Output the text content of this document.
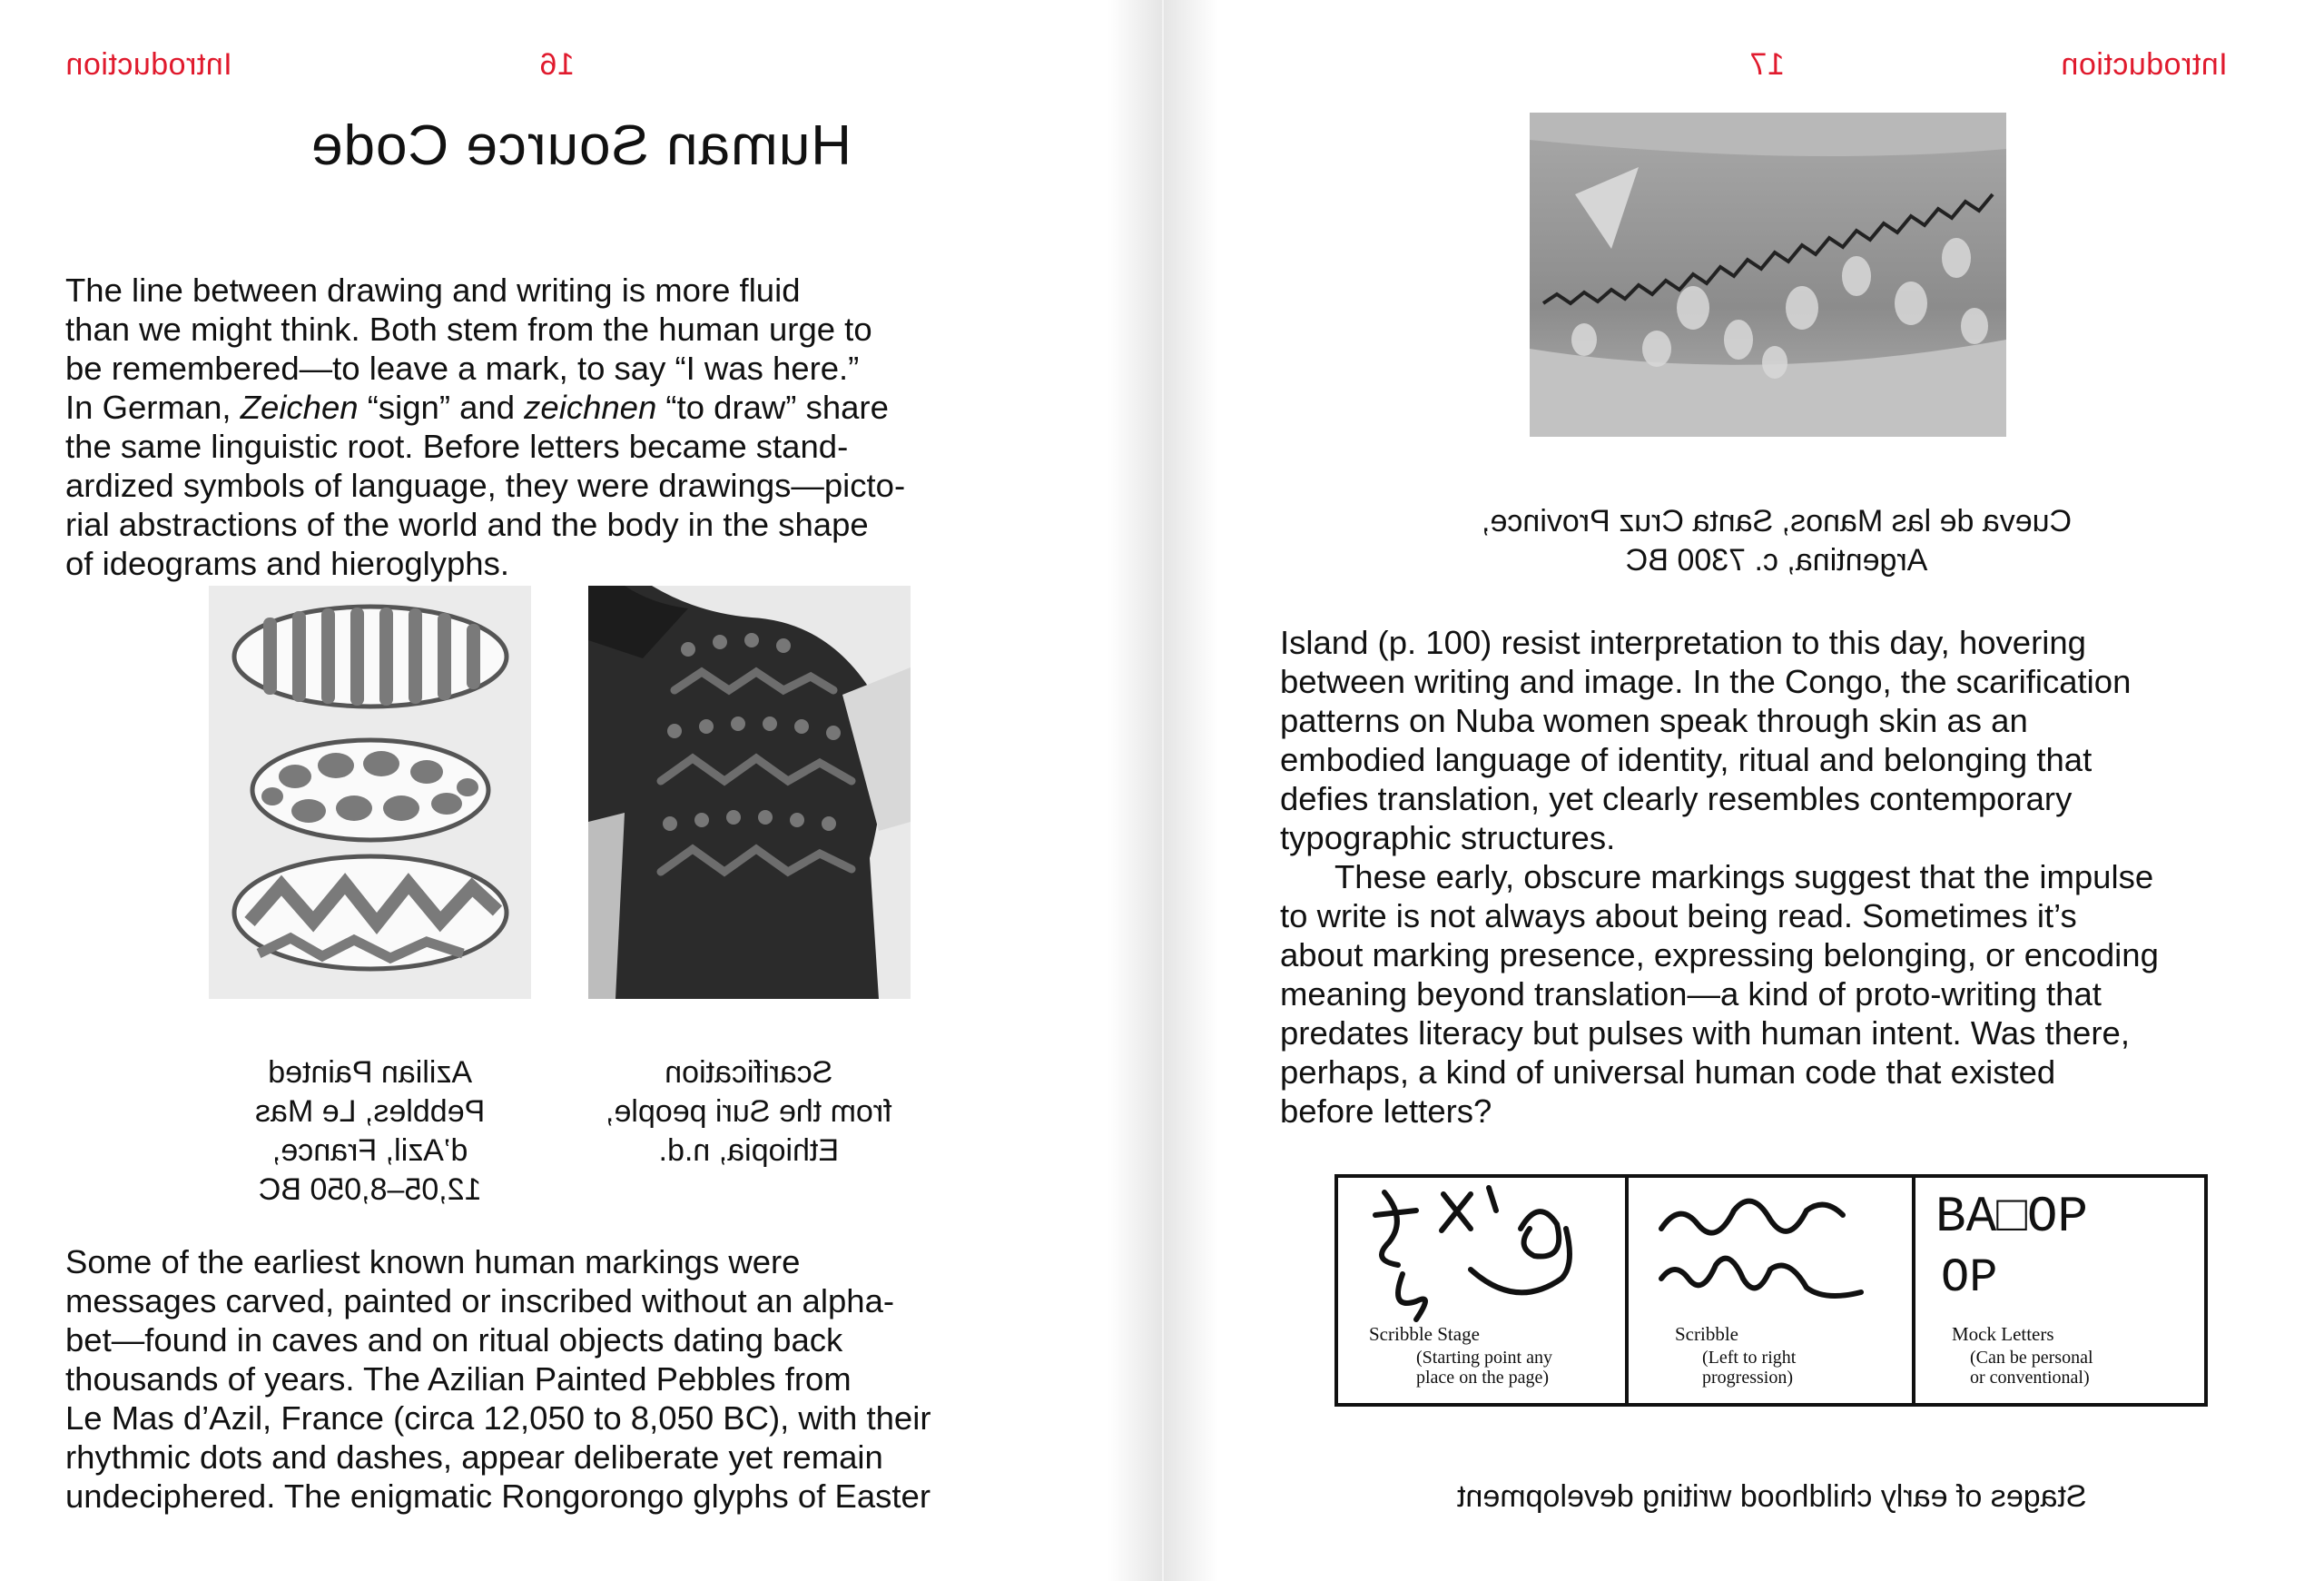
Introduction	16
Human Source Code

The line between drawing and writing is more fluid
than we might think. Both stem from the human urge to
be remembered—to leave a mark, to say “I was here.”
In German, Zeichen “sign” and zeichnen “to draw” share
the same linguistic root. Before letters became stand-
ardized symbols of language, they were drawings—picto-
rial abstractions of the world and the body in the shape
of ideograms and hieroglyphs.

Azilian Painted
Pebbles, Le Mas
d’Azil, France,
12,05–8,050 BC

Scarification
from the Suri people,
Ethiopia, n.d.

Some of the earliest known human markings were
messages carved, painted or inscribed without an alpha-
bet—found in caves and on ritual objects dating back
thousands of years. The Azilian Painted Pebbles from
Le Mas d’Azil, France (circa 12,050 to 8,050 BC), with their
rhythmic dots and dashes, appear deliberate yet remain
undeciphered. The enigmatic Rongorongo glyphs of Easter

17	Introduction

Cueva de las Manos, Santa Cruz Province,
Argentina, c. 7300 BC

Island (p. 100) resist interpretation to this day, hovering
between writing and image. In the Congo, the scarification
patterns on Nuba women speak through skin as an
embodied language of identity, ritual and belonging that
defies translation, yet clearly resembles contemporary
typographic structures.

These early, obscure markings suggest that the impulse
to write is not always about being read. Sometimes it’s
about marking presence, expressing belonging, or encoding
meaning beyond translation—a kind of proto-writing that
predates literacy but pulses with human intent. Was there,
perhaps, a kind of universal human code that existed
before letters?

Scribble Stage
(Starting point any
place on the page)
Scribble
(Left to right
progression)
BA□OP
OP
Mock Letters
(Can be personal
or conventional)

Stages of early childhood writing development
